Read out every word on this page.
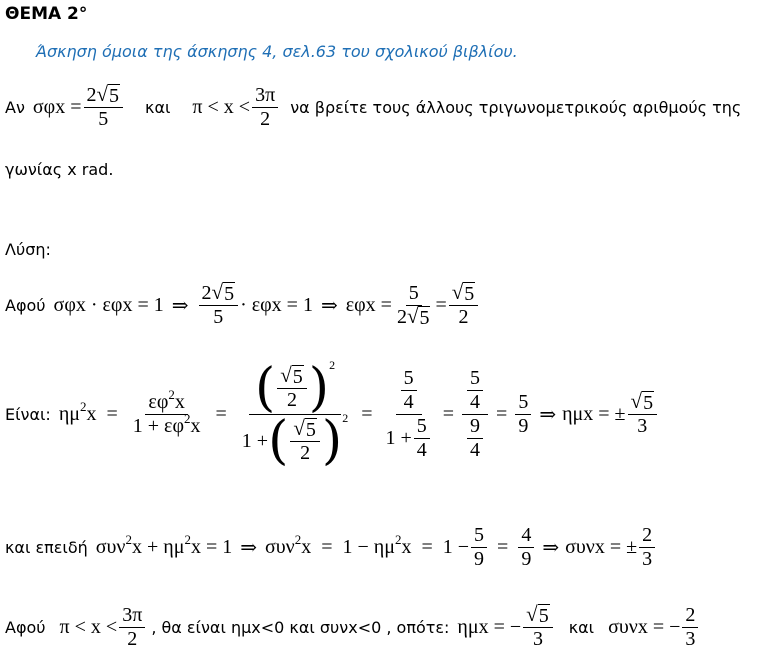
ΘΕΜΑ 2°
Άσκηση όμοια της άσκησης 4, σελ.63 του σχολικού βιβλίου.
Αν $\sigma\varphi x = \frac{2 √ 5}{5}$ και $\pi < x < \frac{3\pi}{2}$ να βρείτε τους άλλους τριγωνομετρικούς αριθμούς της
γωνίας x rad.
Λύση:
Αφού σφx · εφx = 1 ⇒ $\frac{2 √ 5}{5} \cdot \varepsilon\varphi x = 1$ ⇒ $\varepsilon\varphi x = \frac{5}{2 √ 5} = \frac{√ 5}{2}$
Είναι: $\eta\mu^2x = \frac{\varepsilon\varphi^2x}{1 + \varepsilon\varphi^2x} = \frac{( \frac{√ 5}{2} ) 2}{1 + ( \frac{√ 5}{2} ) 2} = \frac{\frac{5}{4}}{1 + \frac{5}{4}} = \frac{\frac{5}{4}}{\frac{9}{4}} = \frac{5}{9}$ ⇒ ημx = ± $\frac{√ 5}{3}$
και επειδή $\sigma\upsilon\nu^2x + \eta\mu^2x = 1$ ⇒ $\sigma\upsilon\nu^2x = 1 - \eta\mu^2x = 1 - \frac{5}{9} = \frac{4}{9}$ ⇒ συνx = ± $\frac{2}{3}$
Αφού $\pi < x < \frac{3\pi}{2}$ , θα είναι ημx<0 και συνx<0 , οπότε: ημx = − $\frac{√ 5}{3}$ και συνx = − $\frac{2}{3}$
